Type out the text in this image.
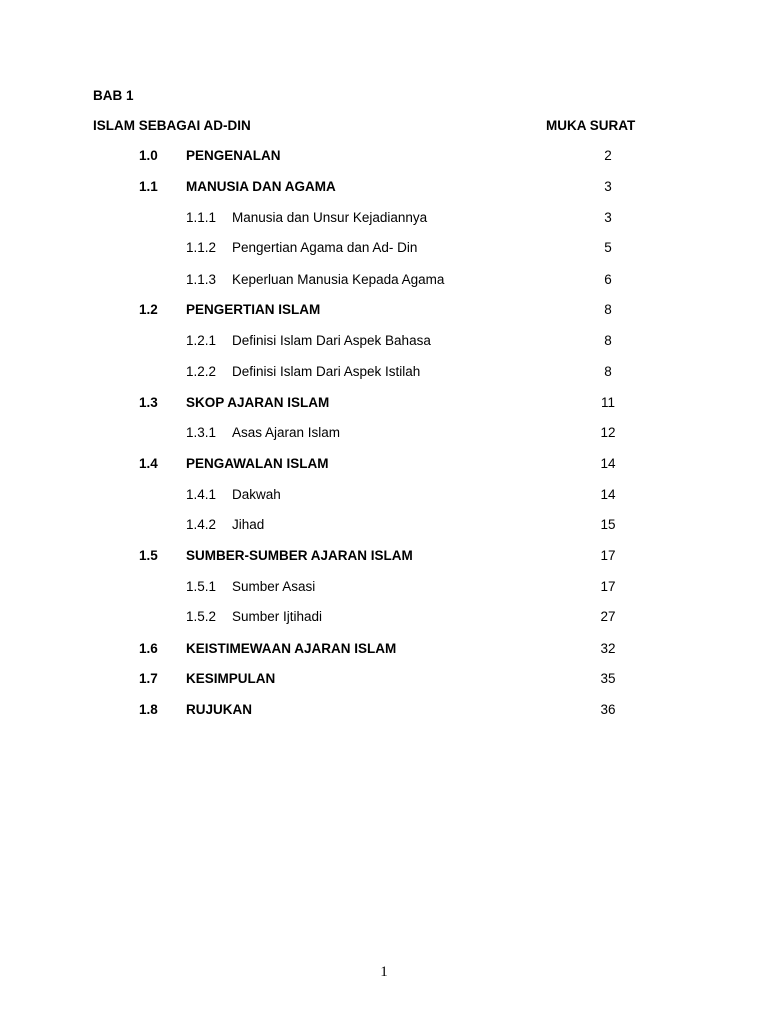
BAB 1
ISLAM SEBAGAI AD-DIN	MUKA SURAT
1.0 PENGENALAN	2
1.1 MANUSIA DAN AGAMA	3
1.1.1 Manusia dan Unsur Kejadiannya	3
1.1.2 Pengertian Agama dan Ad- Din	5
1.1.3 Keperluan Manusia Kepada Agama	6
1.2 PENGERTIAN ISLAM	8
1.2.1 Definisi Islam Dari Aspek Bahasa	8
1.2.2 Definisi Islam Dari Aspek Istilah	8
1.3 SKOP AJARAN ISLAM	11
1.3.1 Asas Ajaran Islam	12
1.4 PENGAWALAN ISLAM	14
1.4.1 Dakwah	14
1.4.2 Jihad	15
1.5 SUMBER-SUMBER AJARAN ISLAM	17
1.5.1 Sumber Asasi	17
1.5.2 Sumber Ijtihadi	27
1.6 KEISTIMEWAAN AJARAN ISLAM	32
1.7 KESIMPULAN	35
1.8 RUJUKAN	36
1
